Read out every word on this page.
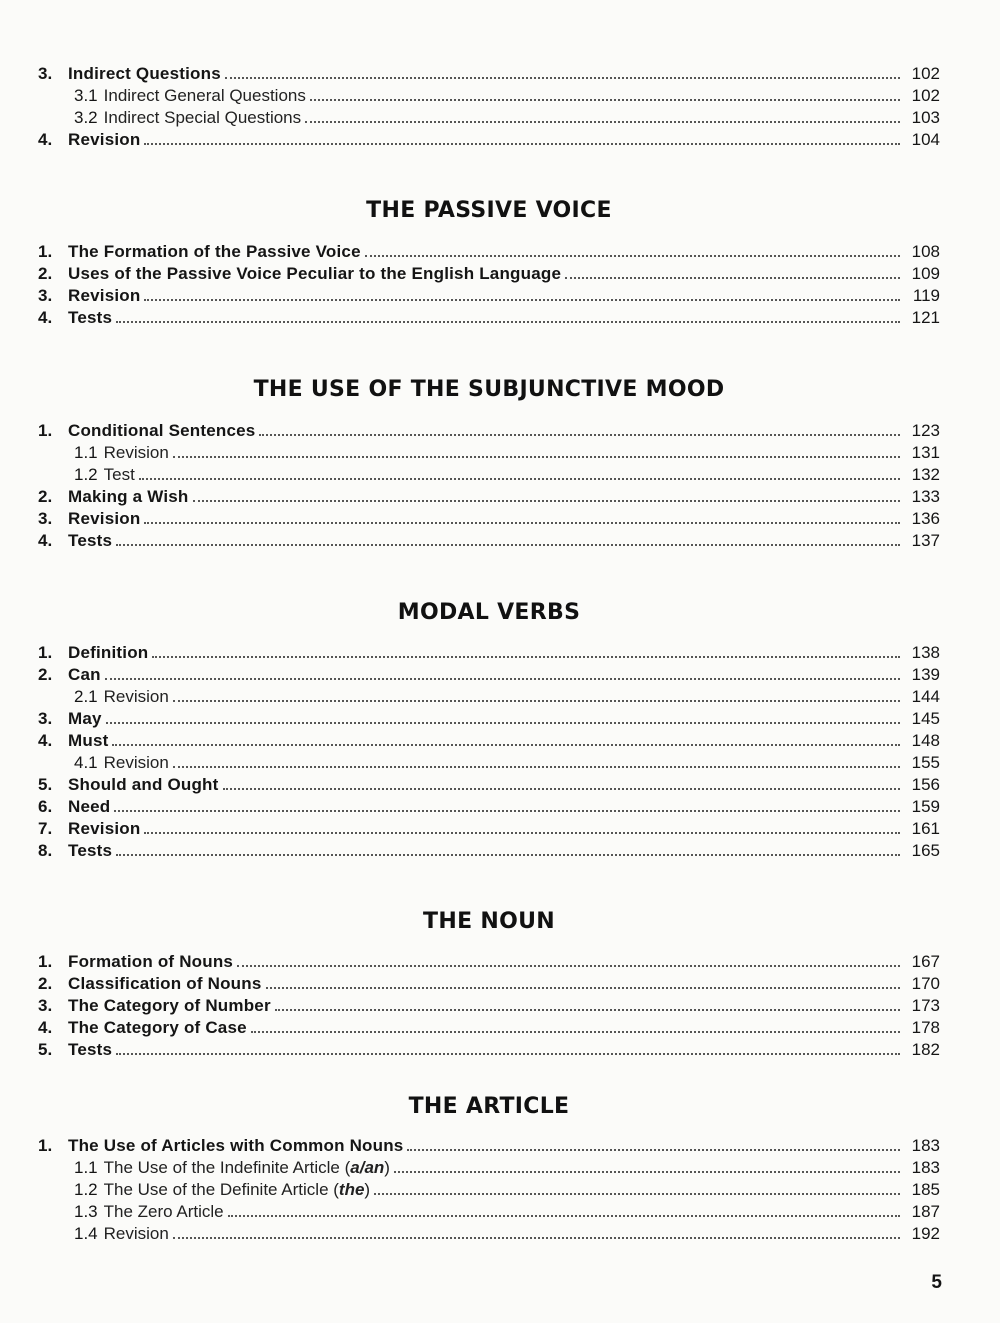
3. Indirect Questions	102
3.1 Indirect General Questions	102
3.2 Indirect Special Questions	103
4. Revision	104
THE PASSIVE VOICE
1. The Formation of the Passive Voice	108
2. Uses of the Passive Voice Peculiar to the English Language	109
3. Revision	119
4. Tests	121
THE USE OF THE SUBJUNCTIVE MOOD
1. Conditional Sentences	123
1.1 Revision	131
1.2 Test	132
2. Making a Wish	133
3. Revision	136
4. Tests	137
MODAL VERBS
1. Definition	138
2. Can	139
2.1 Revision	144
3. May	145
4. Must	148
4.1 Revision	155
5. Should and Ought	156
6. Need	159
7. Revision	161
8. Tests	165
THE NOUN
1. Formation of Nouns	167
2. Classification of Nouns	170
3. The Category of Number	173
4. The Category of Case	178
5. Tests	182
THE ARTICLE
1. The Use of Articles with Common Nouns	183
1.1 The Use of the Indefinite Article (a/an)	183
1.2 The Use of the Definite Article (the)	185
1.3 The Zero Article	187
1.4 Revision	192
5
